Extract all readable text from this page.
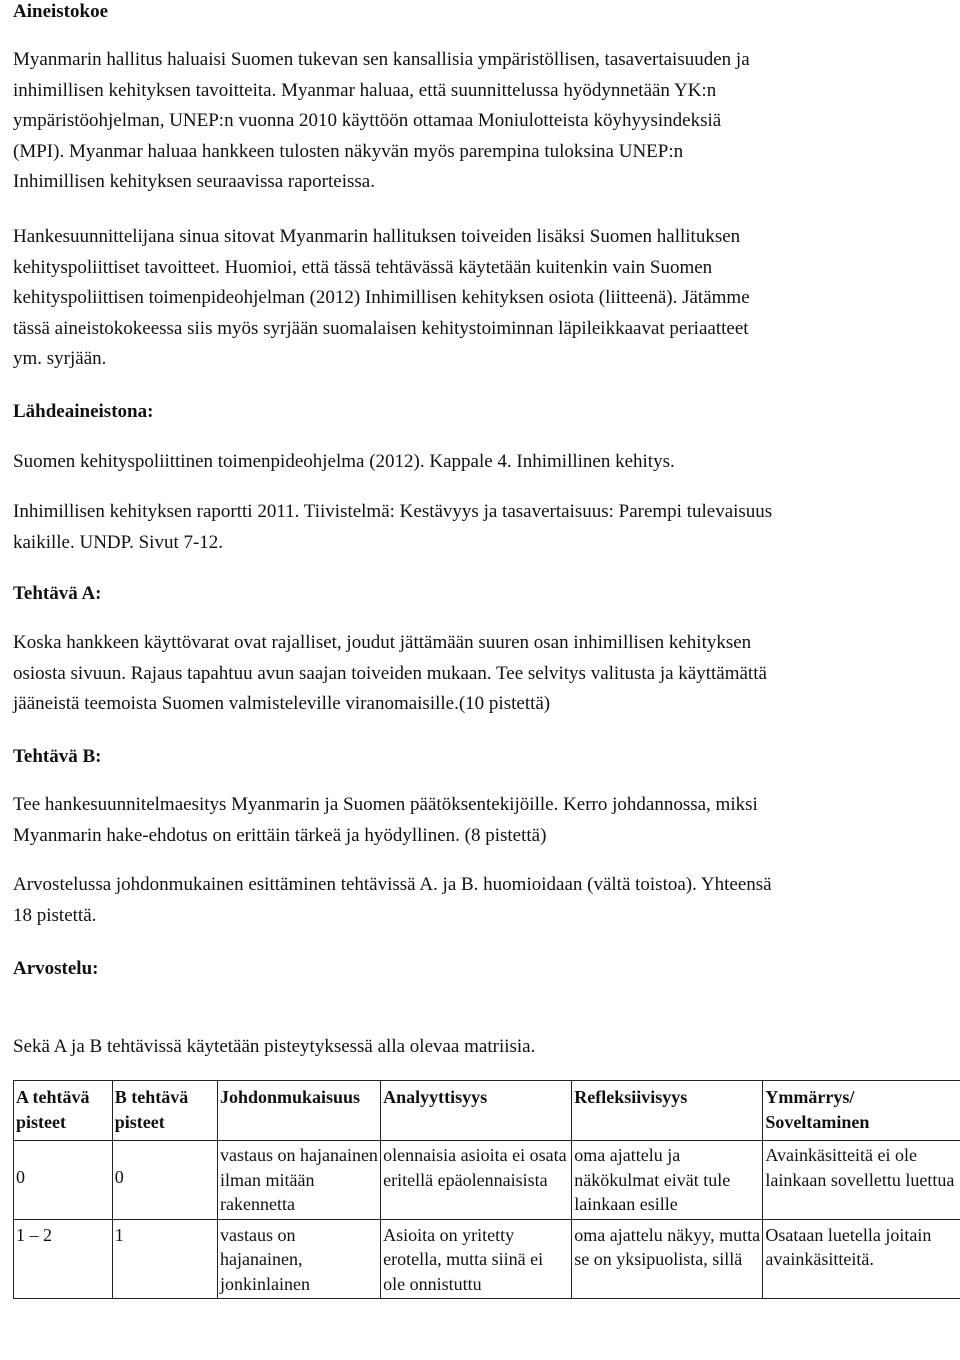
Aineistokoe
Myanmarin hallitus haluaisi Suomen tukevan sen kansallisia ympäristöllisen, tasavertaisuuden ja
inhimillisen kehityksen tavoitteita. Myanmar haluaa, että suunnittelussa hyödynnetään YK:n
ympäristöohjelman, UNEP:n vuonna 2010 käyttöön ottamaa Moniulotteista köyhyysindeksiä
(MPI). Myanmar haluaa hankkeen tulosten näkyvän myös parempina tuloksina UNEP:n
Inhimillisen kehityksen seuraavissa raporteissa.
Hankesuunnittelijana sinua sitovat Myanmarin hallituksen toiveiden lisäksi Suomen hallituksen
kehityspoliittiset tavoitteet. Huomioi, että tässä tehtävässä käytetään kuitenkin vain Suomen
kehityspoliittisen toimenpideohjelman (2012) Inhimillisen kehityksen osiota (liitteenä). Jätämme
tässä aineistokokeessa siis myös syrjään suomalaisen kehitystoiminnan läpileikkaavat periaatteet
ym. syrjään.
Lähdeaineistona:
Suomen kehityspoliittinen toimenpideohjelma (2012). Kappale 4. Inhimillinen kehitys.
Inhimillisen kehityksen raportti 2011. Tiivistelmä: Kestävyys ja tasavertaisuus: Parempi tulevaisuus
kaikille. UNDP. Sivut 7-12.
Tehtävä A:
Koska hankkeen käyttövarat ovat rajalliset, joudut jättämään suuren osan inhimillisen kehityksen
osiosta sivuun. Rajaus tapahtuu avun saajan toiveiden mukaan. Tee selvitys valitusta ja käyttämättä
jääneistä teemoista Suomen valmisteleville viranomaisille.(10 pistettä)
Tehtävä B:
Tee hankesuunnitelmaesitys Myanmarin ja Suomen päätöksentekijöille. Kerro johdannossa, miksi
Myanmarin hake-ehdotus on erittäin tärkeä ja hyödyllinen. (8 pistettä)
Arvostelussa johdonmukainen esittäminen tehtävissä A. ja B. huomioidaan (vältä toistoa). Yhteensä
18 pistettä.
Arvostelu:
Sekä A ja B tehtävissä käytetään pisteytyksessä alla olevaa matriisia.
A tehtävä pisteet	B tehtävä pisteet	Johdonmukaisuus	Analyyttisyys	Refleksiivisyys	Ymmärrys/ Soveltaminen
0	0	vastaus on hajanainen ilman mitään rakennetta	olennaisia asioita ei osata eritellä epäolennaisista	oma ajattelu ja näkökulmat eivät tule lainkaan esille	Avainkäsitteitä ei ole lainkaan sovellettu luettua
1 – 2	1	vastaus on hajanainen, jonkinlainen	Asioita on yritetty erotella, mutta siinä ei ole onnistuttu	oma ajattelu näkyy, mutta se on yksipuolista, sillä	Osataan luetella joitain avainkäsitteitä.
